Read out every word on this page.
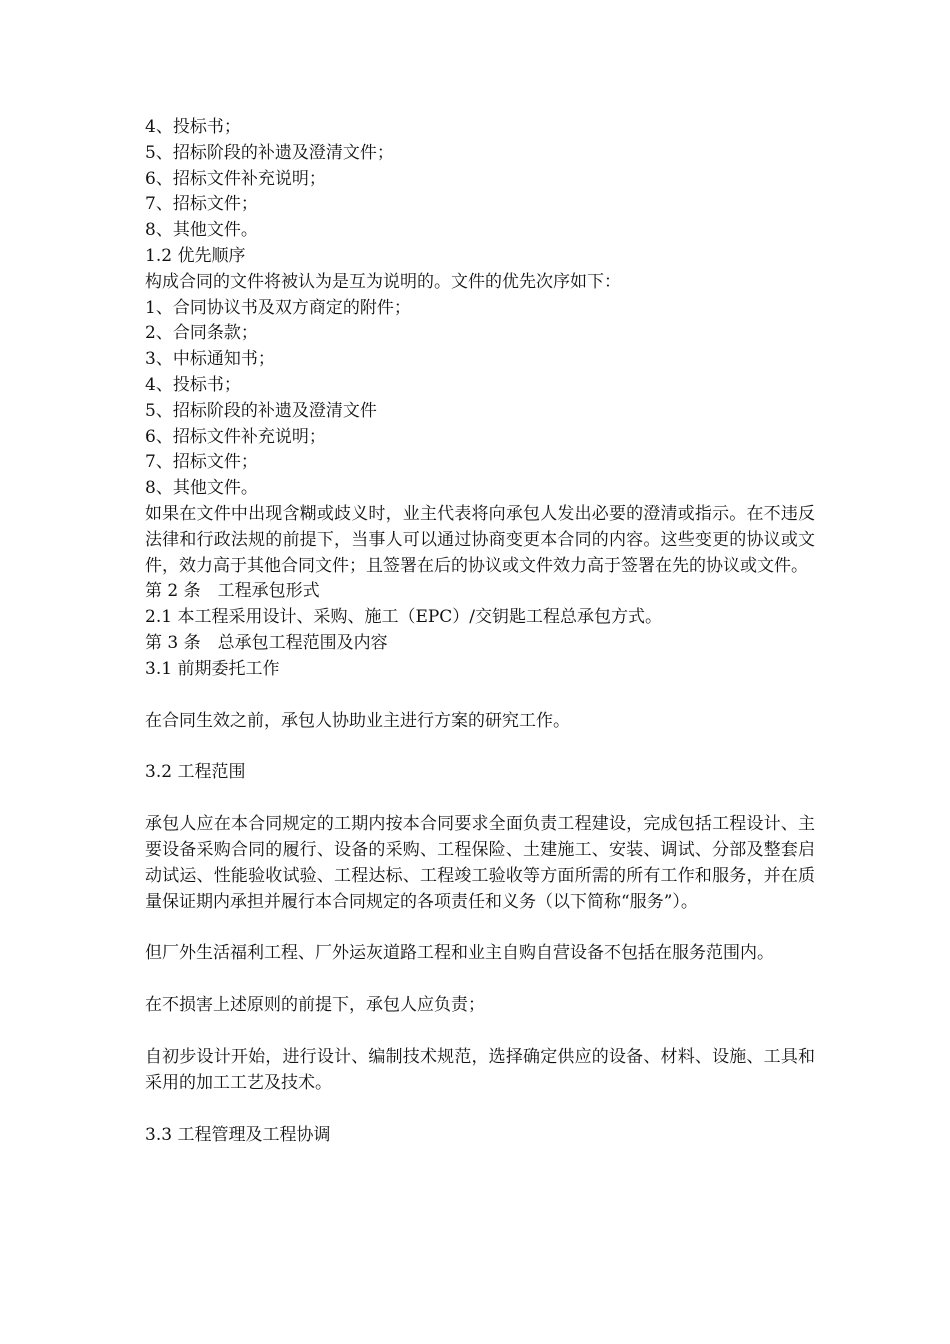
4、投标书；
5、招标阶段的补遗及澄清文件；
6、招标文件补充说明；
7、招标文件；
8、其他文件。
1.2 优先顺序
构成合同的文件将被认为是互为说明的。文件的优先次序如下：
1、合同协议书及双方商定的附件；
2、合同条款；
3、中标通知书；
4、投标书；
5、招标阶段的补遗及澄清文件
6、招标文件补充说明；
7、招标文件；
8、其他文件。
如果在文件中出现含糊或歧义时，业主代表将向承包人发出必要的澄清或指示。在不违反法律和行政法规的前提下，当事人可以通过协商变更本合同的内容。这些变更的协议或文件，效力高于其他合同文件；且签署在后的协议或文件效力高于签署在先的协议或文件。
第 2 条　工程承包形式
2.1 本工程采用设计、采购、施工（EPC）/交钥匙工程总承包方式。
第 3 条　总承包工程范围及内容
3.1 前期委托工作
在合同生效之前，承包人协助业主进行方案的研究工作。
3.2 工程范围
承包人应在本合同规定的工期内按本合同要求全面负责工程建设，完成包括工程设计、主要设备采购合同的履行、设备的采购、工程保险、土建施工、安装、调试、分部及整套启动试运、性能验收试验、工程达标、工程竣工验收等方面所需的所有工作和服务，并在质量保证期内承担并履行本合同规定的各项责任和义务（以下简称“服务”）。
但厂外生活福利工程、厂外运灰道路工程和业主自购自营设备不包括在服务范围内。
在不损害上述原则的前提下，承包人应负责；
自初步设计开始，进行设计、编制技术规范，选择确定供应的设备、材料、设施、工具和采用的加工工艺及技术。
3.3 工程管理及工程协调
